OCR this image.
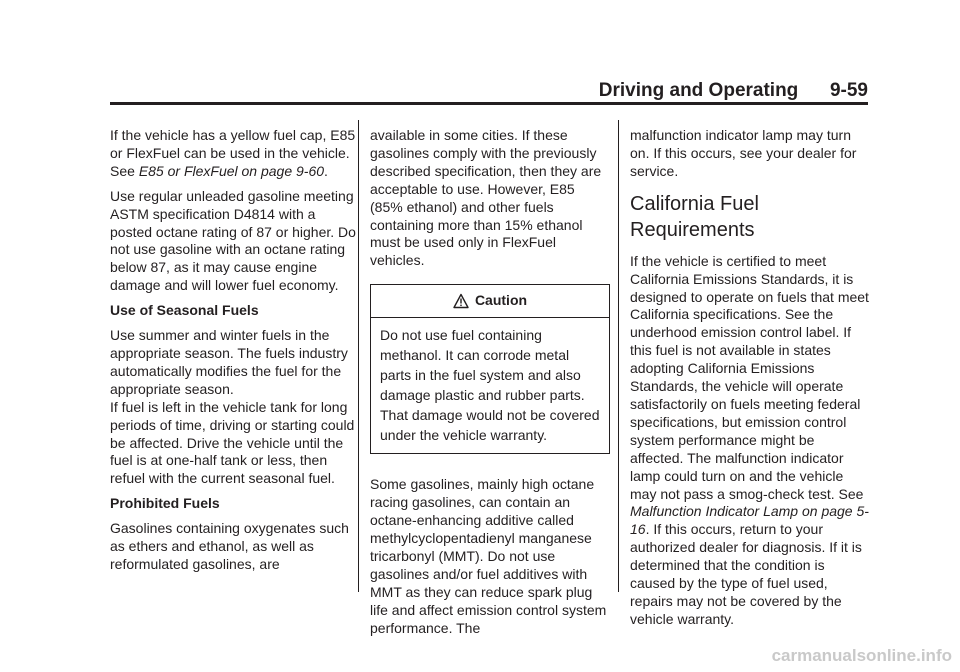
Driving and Operating      9-59

If the vehicle has a yellow fuel cap, E85 or FlexFuel can be used in the vehicle. See E85 or FlexFuel on page 9-60.

Use regular unleaded gasoline meeting ASTM specification D4814 with a posted octane rating of 87 or higher. Do not use gasoline with an octane rating below 87, as it may cause engine damage and will lower fuel economy.

Use of Seasonal Fuels

Use summer and winter fuels in the appropriate season. The fuels industry automatically modifies the fuel for the appropriate season.

If fuel is left in the vehicle tank for long periods of time, driving or starting could be affected. Drive the vehicle until the fuel is at one-half tank or less, then refuel with the current seasonal fuel.

Prohibited Fuels

Gasolines containing oxygenates such as ethers and ethanol, as well as reformulated gasolines, are

available in some cities. If these gasolines comply with the previously described specification, then they are acceptable to use. However, E85 (85% ethanol) and other fuels containing more than 15% ethanol must be used only in FlexFuel vehicles.

Caution
Do not use fuel containing methanol. It can corrode metal parts in the fuel system and also damage plastic and rubber parts. That damage would not be covered under the vehicle warranty.

Some gasolines, mainly high octane racing gasolines, can contain an octane-enhancing additive called methylcyclopentadienyl manganese tricarbonyl (MMT). Do not use gasolines and/or fuel additives with MMT as they can reduce spark plug life and affect emission control system performance. The

malfunction indicator lamp may turn on. If this occurs, see your dealer for service.

California Fuel Requirements

If the vehicle is certified to meet California Emissions Standards, it is designed to operate on fuels that meet California specifications. See the underhood emission control label. If this fuel is not available in states adopting California Emissions Standards, the vehicle will operate satisfactorily on fuels meeting federal specifications, but emission control system performance might be affected. The malfunction indicator lamp could turn on and the vehicle may not pass a smog-check test. See Malfunction Indicator Lamp on page 5-16. If this occurs, return to your authorized dealer for diagnosis. If it is determined that the condition is caused by the type of fuel used, repairs may not be covered by the vehicle warranty.

carmanualsonline.info
